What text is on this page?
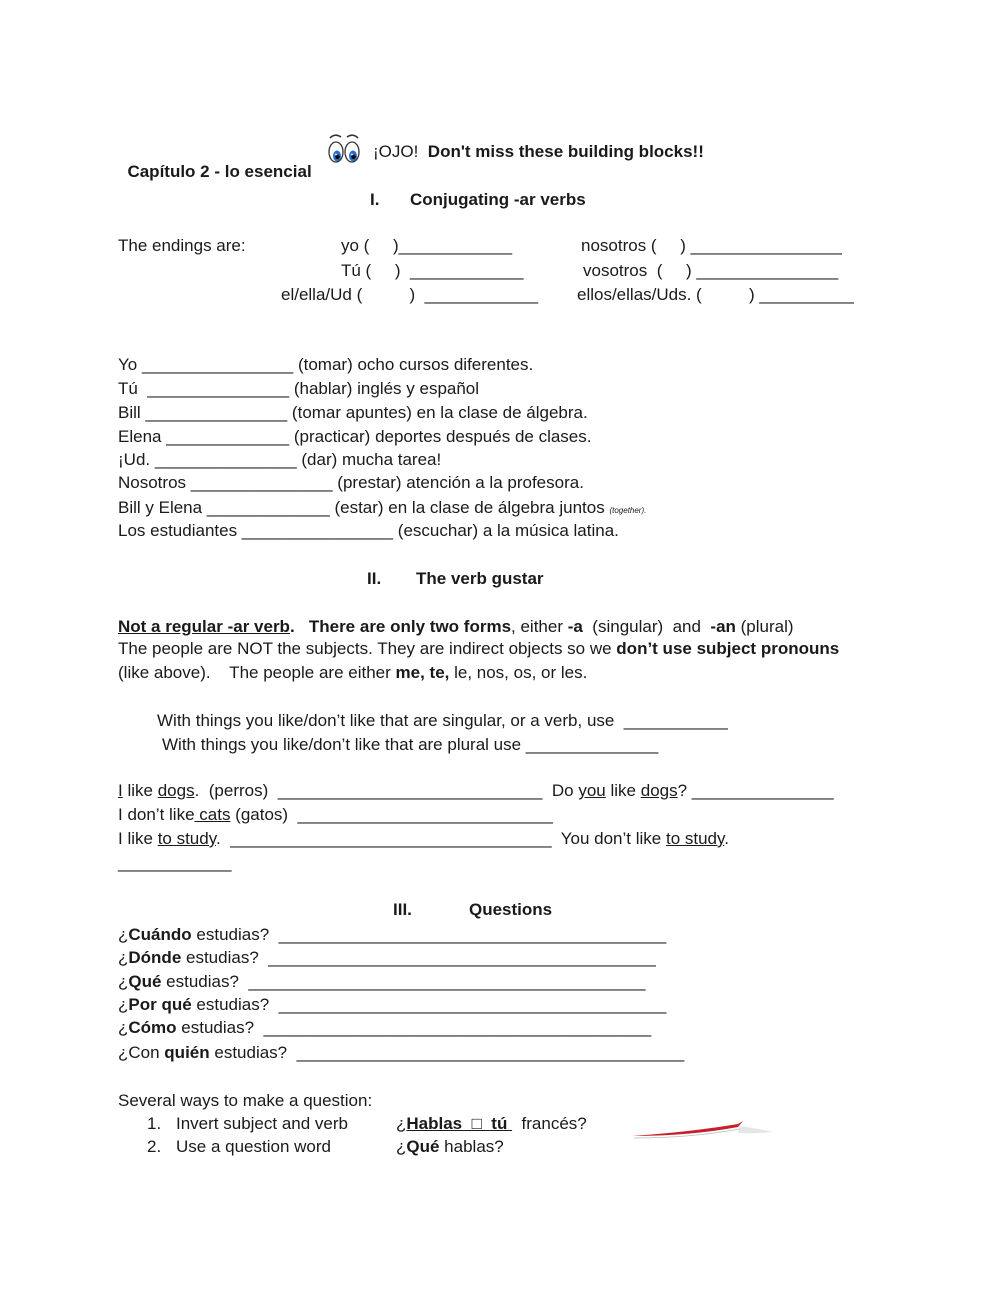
Capítulo 2 - lo esencial

¡OJO! Don't miss these building blocks!!
I. Conjugating -ar verbs
The endings are:	yo (     )____________	nosotros (     ) ________________
Tú (     )  ____________	vosotros  (     ) _______________
el/ella/Ud (          )  ____________ ellos/ellas/Uds. (          ) __________
Yo ________________ (tomar) ocho cursos diferentes.
Tú  _______________ (hablar) inglés y español
Bill _______________ (tomar apuntes) en la clase de álgebra.
Elena _____________ (practicar) deportes después de clases.
¡Ud. _______________ (dar) mucha tarea!
Nosotros _______________ (prestar) atención a la profesora.
Bill y Elena _____________ (estar) en la clase de álgebra juntos (together).
Los estudiantes ________________ (escuchar) a la música latina.
II. The verb gustar
Not a regular -ar verb.   There are only two forms, either -a  (singular)  and  -an (plural)
The people are NOT the subjects. They are indirect objects so we don’t use subject pronouns
(like above).    The people are either me, te, le, nos, os, or les.
With things you like/don’t like that are singular, or a verb, use  ___________
With things you like/don’t like that are plural use ______________
I like dogs.  (perros)  ____________________________  Do you like dogs? _______________
I don’t like cats (gatos)  ___________________________
I like to study.  __________________________________  You don’t like to study.
____________
III.	Questions
¿Cuándo estudias?  _________________________________________
¿Dónde estudias?  _________________________________________
¿Qué estudias?  __________________________________________
¿Por qué estudias?  _________________________________________
¿Cómo estudias?  _________________________________________
¿Con quién estudias?  _________________________________________
Several ways to make a question:
1. Invert subject and verb	¿Hablas  □  tú   francés?
2. Use a question word	¿Qué hablas?
